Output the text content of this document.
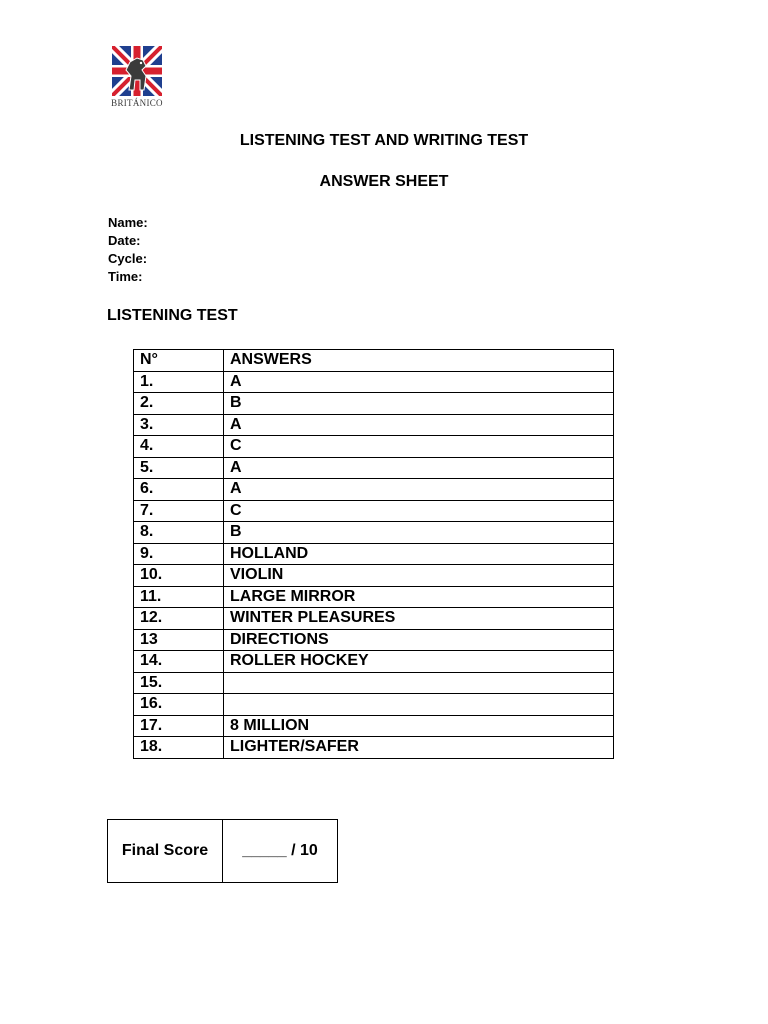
BRITÁNICO
LISTENING TEST AND WRITING TEST
ANSWER SHEET
Name:
Date:
Cycle:
Time:
LISTENING TEST
N°	ANSWERS
1.	A
2.	B
3.	A
4.	C
5.	A
6.	A
7.	C
8.	B
9.	HOLLAND
10.	VIOLIN
11.	LARGE MIRROR
12.	WINTER PLEASURES
13	DIRECTIONS
14.	ROLLER HOCKEY
15.	
16.	
17.	8 MILLION
18.	LIGHTER/SAFER
Final Score	_____ / 10
